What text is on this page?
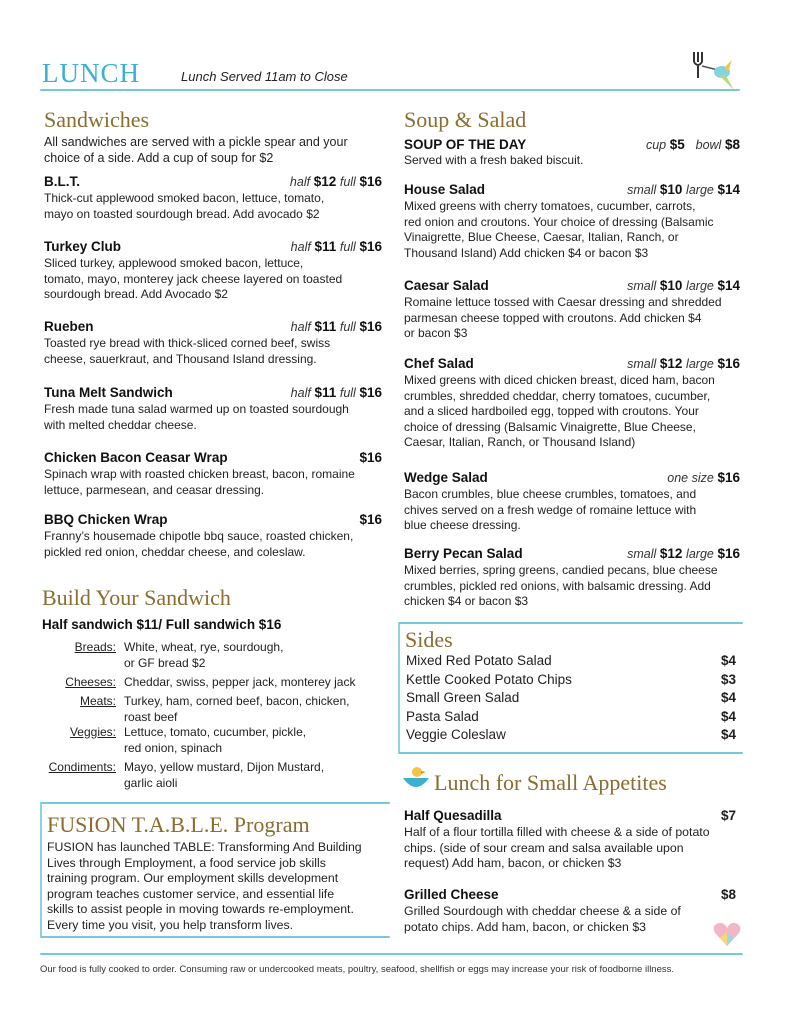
LUNCH	Lunch Served 11am to Close
Sandwiches
All sandwiches are served with a pickle spear and your
choice of a side. Add a cup of soup for $2
B.L.T.	half $12 full $16
Thick-cut applewood smoked bacon, lettuce, tomato,
mayo on toasted sourdough bread. Add avocado $2
Turkey Club	half $11 full $16
Sliced turkey, applewood smoked bacon, lettuce,
tomato, mayo, monterey jack cheese layered on toasted
sourdough bread. Add Avocado $2
Rueben	half $11 full $16
Toasted rye bread with thick-sliced corned beef, swiss
cheese, sauerkraut, and Thousand Island dressing.
Tuna Melt Sandwich	half $11 full $16
Fresh made tuna salad warmed up on toasted sourdough
with melted cheddar cheese.
Chicken Bacon Ceasar Wrap	$16
Spinach wrap with roasted chicken breast, bacon, romaine
lettuce, parmesean, and ceasar dressing.
BBQ Chicken Wrap	$16
Franny’s housemade chipotle bbq sauce, roasted chicken,
pickled red onion, cheddar cheese, and coleslaw.
Build Your Sandwich
Half sandwich $11/ Full sandwich $16
Breads: White, wheat, rye, sourdough,
or GF bread $2
Cheeses: Cheddar, swiss, pepper jack, monterey jack
Meats: Turkey, ham, corned beef, bacon, chicken,
roast beef
Veggies: Lettuce, tomato, cucumber, pickle,
red onion, spinach
Condiments: Mayo, yellow mustard, Dijon Mustard,
garlic aioli
FUSION T.A.B.L.E. Program
FUSION has launched TABLE: Transforming And Building
Lives through Employment, a food service job skills
training program. Our employment skills development
program teaches customer service, and essential life
skills to assist people in moving towards re-employment.
Every time you visit, you help transform lives.
Soup & Salad
SOUP OF THE DAY	cup $5 bowl $8
Served with a fresh baked biscuit.
House Salad	small $10 large $14
Mixed greens with cherry tomatoes, cucumber, carrots,
red onion and croutons. Your choice of dressing (Balsamic
Vinaigrette, Blue Cheese, Caesar, Italian, Ranch, or
Thousand Island) Add chicken $4 or bacon $3
Caesar Salad	small $10 large $14
Romaine lettuce tossed with Caesar dressing and shredded
parmesan cheese topped with croutons. Add chicken $4
or bacon $3
Chef Salad	small $12 large $16
Mixed greens with diced chicken breast, diced ham, bacon
crumbles, shredded cheddar, cherry tomatoes, cucumber,
and a sliced hardboiled egg, topped with croutons. Your
choice of dressing (Balsamic Vinaigrette, Blue Cheese,
Caesar, Italian, Ranch, or Thousand Island)
Wedge Salad	one size $16
Bacon crumbles, blue cheese crumbles, tomatoes, and
chives served on a fresh wedge of romaine lettuce with
blue cheese dressing.
Berry Pecan Salad	small $12 large $16
Mixed berries, spring greens, candied pecans, blue cheese
crumbles, pickled red onions, with balsamic dressing. Add
chicken $4 or bacon $3
Sides
Mixed Red Potato Salad	$4
Kettle Cooked Potato Chips	$3
Small Green Salad	$4
Pasta Salad	$4
Veggie Coleslaw	$4
Lunch for Small Appetites
Half Quesadilla	$7
Half of a flour tortilla filled with cheese & a side of potato
chips. (side of sour cream and salsa available upon
request) Add ham, bacon, or chicken $3
Grilled Cheese	$8
Grilled Sourdough with cheddar cheese & a side of
potato chips. Add ham, bacon, or chicken $3
Our food is fully cooked to order. Consuming raw or undercooked meats, poultry, seafood, shellfish or eggs may increase your risk of foodborne illness.
